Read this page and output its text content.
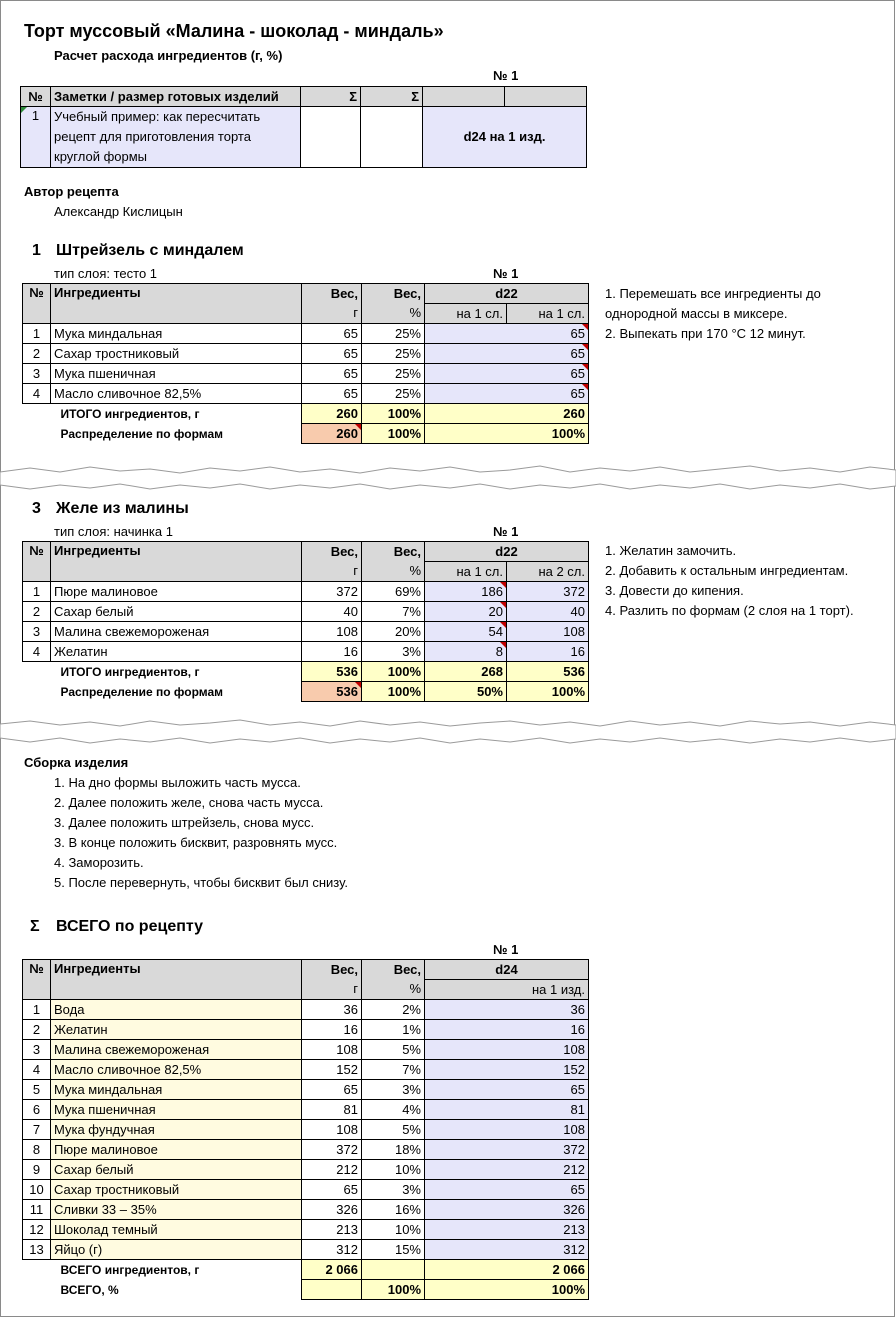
Торт муссовый «Малина - шоколад - миндаль»
Расчет расхода ингредиентов (г, %)
№ 1
№	Заметки / размер готовых изделий	Σ	Σ		
1	Учебный пример: как пересчитать
рецепт для приготовления торта
круглой формы			d24 на 1 изд.	
Автор рецепта
Александр Кислицын
1 Штрейзель с миндалем
тип слоя: тесто 1	№ 1
№	Ингредиенты	Вес,	Вес,	d22	
		г	%	на 1 сл.	на 1 сл.
1	Мука миндальная	65	25%	65	

2	Сахар тростниковый	65	25%	65	

3	Мука пшеничная	65	25%	65	

4	Масло сливочное 82,5%	65	25%	65	

	ИТОГО ингредиентов, г	260	100%	260	
	Распределение по формам	260	100%	100%	
1. Перемешать все ингредиенты до
однородной массы в миксере.
2. Выпекать при 170 °C 12 минут.
3 Желе из малины
тип слоя: начинка 1	№ 1
№	Ингредиенты	Вес,	Вес,	d22	
		г	%	на 1 сл.	на 2 сл.
1	Пюре малиновое	372	69%	186	372
2	Сахар белый	40	7%	20	40
3	Малина свежемороженая	108	20%	54	108
4	Желатин	16	3%	8	16
	ИТОГО ингредиентов, г	536	100%	268	536
	Распределение по формам	536	100%	50%	100%
1. Желатин замочить.
2. Добавить к остальным ингредиентам.
3. Довести до кипения.
4. Разлить по формам (2 слоя на 1 торт).
Сборка изделия
1. На дно формы выложить часть мусса.
2. Далее положить желе, снова часть мусса.
3. Далее положить штрейзель, снова мусс.
3. В конце положить бисквит, разровнять мусс.
4. Заморозить.
5. После перевернуть, чтобы бисквит был снизу.
Σ ВСЕГО по рецепту
№ 1
№	Ингредиенты	Вес,	Вес,	d24
		г	%	на 1 изд.
1	Вода	36	2%	36
2	Желатин	16	1%	16
3	Малина свежемороженая	108	5%	108
4	Масло сливочное 82,5%	152	7%	152
5	Мука миндальная	65	3%	65
6	Мука пшеничная	81	4%	81
7	Мука фундучная	108	5%	108
8	Пюре малиновое	372	18%	372
9	Сахар белый	212	10%	212
10	Сахар тростниковый	65	3%	65
11	Сливки 33 – 35%	326	16%	326
12	Шоколад темный	213	10%	213
13	Яйцо (г)	312	15%	312
	ВСЕГО ингредиентов, г	2 066		2 066
	ВСЕГО, %		100%	100%
